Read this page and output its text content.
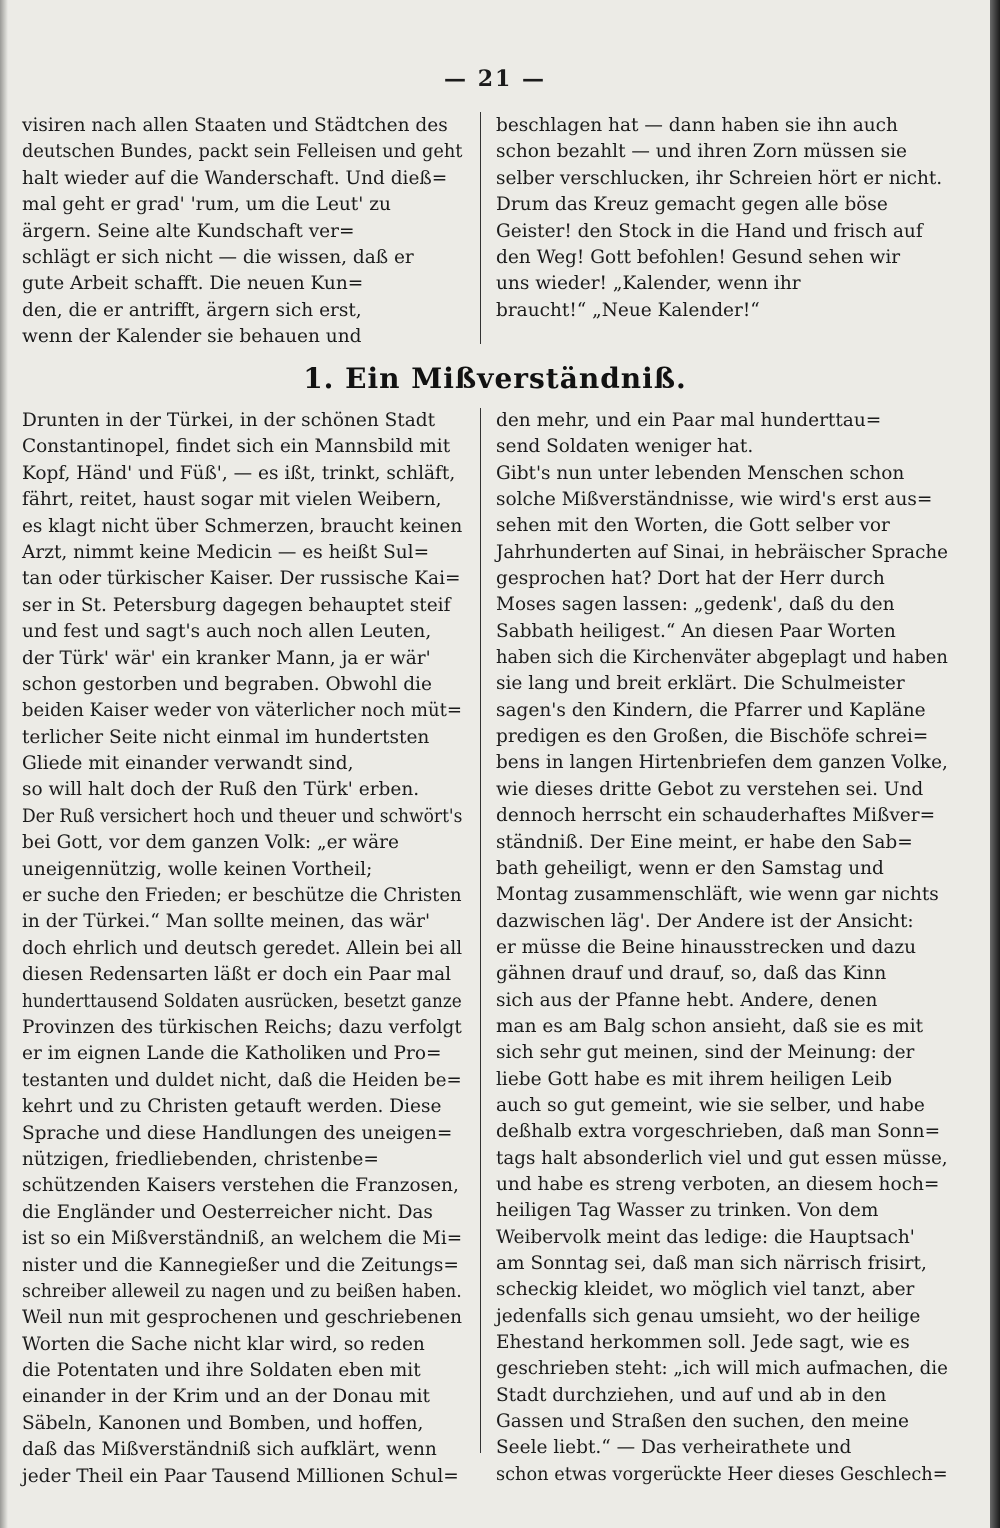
— 21 —
visiren nach allen Staaten und Städtchen des
deutschen Bundes, packt sein Felleisen und geht
halt wieder auf die Wanderschaft. Und dieß=
mal geht er grad' 'rum, um die Leut' zu
ärgern. Seine alte Kundschaft ver=
schlägt er sich nicht — die wissen, daß er
gute Arbeit schafft. Die neuen Kun=
den, die er antrifft, ärgern sich erst,
wenn der Kalender sie behauen und
beschlagen hat — dann haben sie ihn auch
schon bezahlt — und ihren Zorn müssen sie
selber verschlucken, ihr Schreien hört er nicht.
Drum das Kreuz gemacht gegen alle böse
Geister! den Stock in die Hand und frisch auf
den Weg! Gott befohlen! Gesund sehen wir
uns wieder! „Kalender, wenn ihr
braucht!“ „Neue Kalender!“
1. Ein Mißverständniß.
Drunten in der Türkei, in der schönen Stadt
Constantinopel, findet sich ein Mannsbild mit
Kopf, Händ' und Füß', — es ißt, trinkt, schläft,
fährt, reitet, haust sogar mit vielen Weibern,
es klagt nicht über Schmerzen, braucht keinen
Arzt, nimmt keine Medicin — es heißt Sul=
tan oder türkischer Kaiser. Der russische Kai=
ser in St. Petersburg dagegen behauptet steif
und fest und sagt's auch noch allen Leuten,
der Türk' wär' ein kranker Mann, ja er wär'
schon gestorben und begraben. Obwohl die
beiden Kaiser weder von väterlicher noch müt=
terlicher Seite nicht einmal im hundertsten
Gliede mit einander verwandt sind,
so will halt doch der Ruß den Türk' erben.
Der Ruß versichert hoch und theuer und schwört's
bei Gott, vor dem ganzen Volk: „er wäre
uneigennützig, wolle keinen Vortheil;
er suche den Frieden; er beschütze die Christen
in der Türkei.“ Man sollte meinen, das wär'
doch ehrlich und deutsch geredet. Allein bei all
diesen Redensarten läßt er doch ein Paar mal
hunderttausend Soldaten ausrücken, besetzt ganze
Provinzen des türkischen Reichs; dazu verfolgt
er im eignen Lande die Katholiken und Pro=
testanten und duldet nicht, daß die Heiden be=
kehrt und zu Christen getauft werden. Diese
Sprache und diese Handlungen des uneigen=
nützigen, friedliebenden, christenbe=
schützenden Kaisers verstehen die Franzosen,
die Engländer und Oesterreicher nicht. Das
ist so ein Mißverständniß, an welchem die Mi=
nister und die Kannegießer und die Zeitungs=
schreiber alleweil zu nagen und zu beißen haben.
Weil nun mit gesprochenen und geschriebenen
Worten die Sache nicht klar wird, so reden
die Potentaten und ihre Soldaten eben mit
einander in der Krim und an der Donau mit
Säbeln, Kanonen und Bomben, und hoffen,
daß das Mißverständniß sich aufklärt, wenn
jeder Theil ein Paar Tausend Millionen Schul=
den mehr, und ein Paar mal hunderttau=
send Soldaten weniger hat.
Gibt's nun unter lebenden Menschen schon
solche Mißverständnisse, wie wird's erst aus=
sehen mit den Worten, die Gott selber vor
Jahrhunderten auf Sinai, in hebräischer Sprache
gesprochen hat? Dort hat der Herr durch
Moses sagen lassen: „gedenk', daß du den
Sabbath heiligest.“ An diesen Paar Worten
haben sich die Kirchenväter abgeplagt und haben
sie lang und breit erklärt. Die Schulmeister
sagen's den Kindern, die Pfarrer und Kapläne
predigen es den Großen, die Bischöfe schrei=
bens in langen Hirtenbriefen dem ganzen Volke,
wie dieses dritte Gebot zu verstehen sei. Und
dennoch herrscht ein schauderhaftes Mißver=
ständniß. Der Eine meint, er habe den Sab=
bath geheiligt, wenn er den Samstag und
Montag zusammenschläft, wie wenn gar nichts
dazwischen läg'. Der Andere ist der Ansicht:
er müsse die Beine hinausstrecken und dazu
gähnen drauf und drauf, so, daß das Kinn
sich aus der Pfanne hebt. Andere, denen
man es am Balg schon ansieht, daß sie es mit
sich sehr gut meinen, sind der Meinung: der
liebe Gott habe es mit ihrem heiligen Leib
auch so gut gemeint, wie sie selber, und habe
deßhalb extra vorgeschrieben, daß man Sonn=
tags halt absonderlich viel und gut essen müsse,
und habe es streng verboten, an diesem hoch=
heiligen Tag Wasser zu trinken. Von dem
Weibervolk meint das ledige: die Hauptsach'
am Sonntag sei, daß man sich närrisch frisirt,
scheckig kleidet, wo möglich viel tanzt, aber
jedenfalls sich genau umsieht, wo der heilige
Ehestand herkommen soll. Jede sagt, wie es
geschrieben steht: „ich will mich aufmachen, die
Stadt durchziehen, und auf und ab in den
Gassen und Straßen den suchen, den meine
Seele liebt.“ — Das verheirathete und
schon etwas vorgerückte Heer dieses Geschlech=
